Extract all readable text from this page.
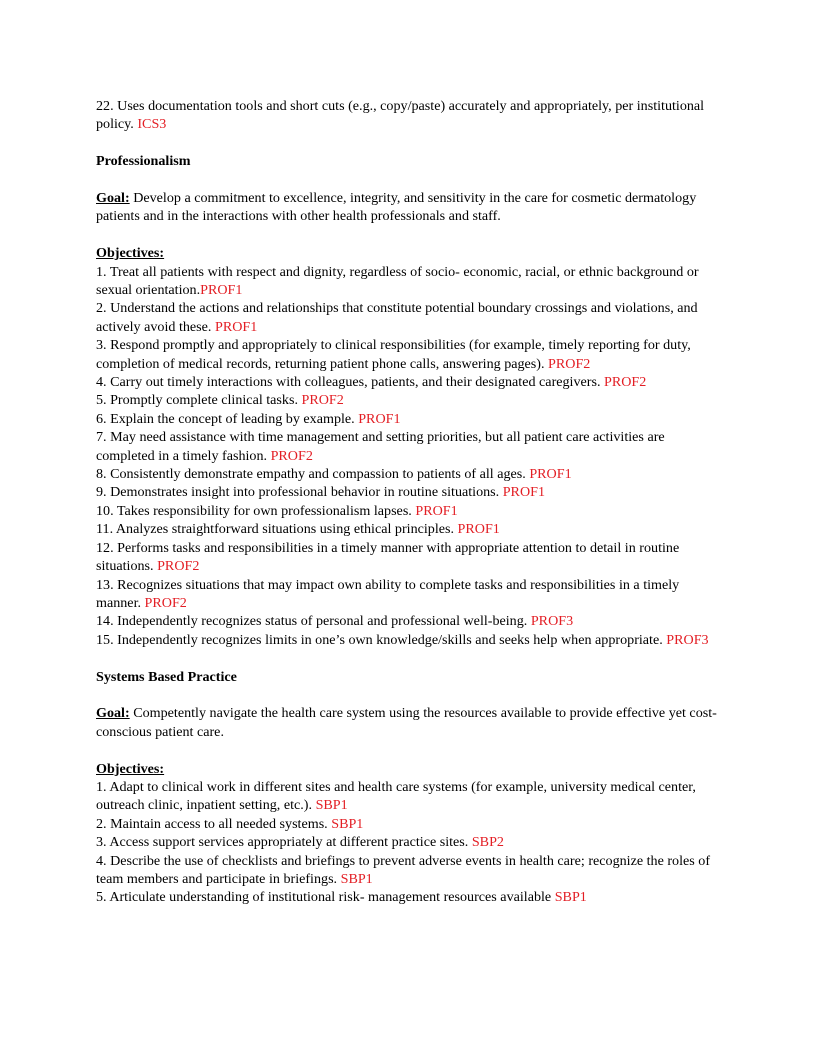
22. Uses documentation tools and short cuts (e.g., copy/paste) accurately and appropriately, per institutional policy. ICS3

Professionalism

Goal: Develop a commitment to excellence, integrity, and sensitivity in the care for cosmetic dermatology patients and in the interactions with other health professionals and staff.

Objectives:

1. Treat all patients with respect and dignity, regardless of socio- economic, racial, or ethnic background or sexual orientation.PROF1

2. Understand the actions and relationships that constitute potential boundary crossings and violations, and actively avoid these. PROF1

3. Respond promptly and appropriately to clinical responsibilities (for example, timely reporting for duty, completion of medical records, returning patient phone calls, answering pages). PROF2

4. Carry out timely interactions with colleagues, patients, and their designated caregivers. PROF2

5. Promptly complete clinical tasks. PROF2

6. Explain the concept of leading by example. PROF1

7. May need assistance with time management and setting priorities, but all patient care activities are completed in a timely fashion. PROF2

8. Consistently demonstrate empathy and compassion to patients of all ages. PROF1

9. Demonstrates insight into professional behavior in routine situations. PROF1

10. Takes responsibility for own professionalism lapses. PROF1

11. Analyzes straightforward situations using ethical principles. PROF1

12. Performs tasks and responsibilities in a timely manner with appropriate attention to detail in routine situations. PROF2

13. Recognizes situations that may impact own ability to complete tasks and responsibilities in a timely manner. PROF2

14. Independently recognizes status of personal and professional well-being. PROF3

15. Independently recognizes limits in one’s own knowledge/skills and seeks help when appropriate. PROF3

Systems Based Practice

Goal: Competently navigate the health care system using the resources available to provide effective yet cost-conscious patient care.

Objectives:

1. Adapt to clinical work in different sites and health care systems (for example, university medical center, outreach clinic, inpatient setting, etc.). SBP1

2. Maintain access to all needed systems. SBP1

3. Access support services appropriately at different practice sites. SBP2

4. Describe the use of checklists and briefings to prevent adverse events in health care; recognize the roles of team members and participate in briefings. SBP1

5. Articulate understanding of institutional risk- management resources available SBP1
